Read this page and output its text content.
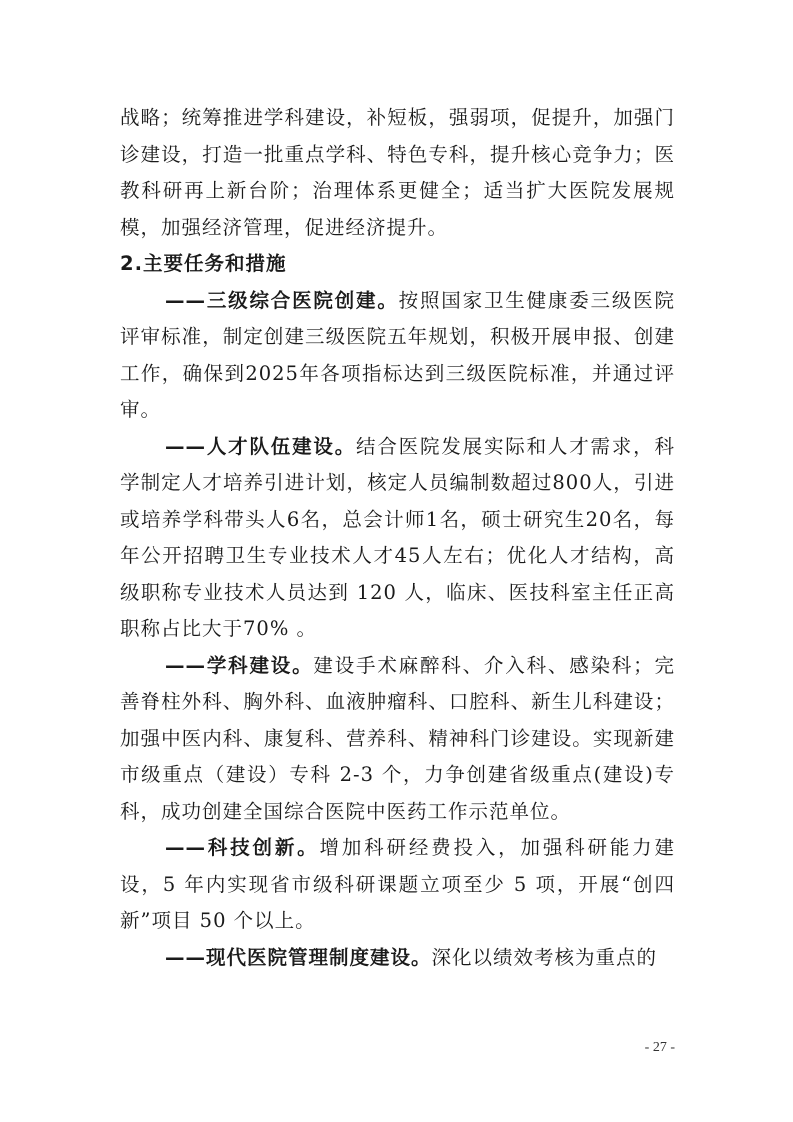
战略；统筹推进学科建设，补短板，强弱项，促提升，加强门诊建设，打造一批重点学科、特色专科，提升核心竞争力；医教科研再上新台阶；治理体系更健全；适当扩大医院发展规模，加强经济管理，促进经济提升。

2.主要任务和措施

——三级综合医院创建。按照国家卫生健康委三级医院评审标准，制定创建三级医院五年规划，积极开展申报、创建工作，确保到2025年各项指标达到三级医院标准，并通过评审。

——人才队伍建设。结合医院发展实际和人才需求，科学制定人才培养引进计划，核定人员编制数超过800人，引进或培养学科带头人6名，总会计师1名，硕士研究生20名，每年公开招聘卫生专业技术人才45人左右；优化人才结构，高级职称专业技术人员达到 120 人，临床、医技科室主任正高职称占比大于70% 。

——学科建设。建设手术麻醉科、介入科、感染科；完善脊柱外科、胸外科、血液肿瘤科、口腔科、新生儿科建设；加强中医内科、康复科、营养科、精神科门诊建设。实现新建市级重点（建设）专科 2-3 个，力争创建省级重点(建设)专科，成功创建全国综合医院中医药工作示范单位。

——科技创新。增加科研经费投入，加强科研能力建设，5 年内实现省市级科研课题立项至少 5 项，开展“创四新”项目 50 个以上。

——现代医院管理制度建设。深化以绩效考核为重点的

- 27 -
